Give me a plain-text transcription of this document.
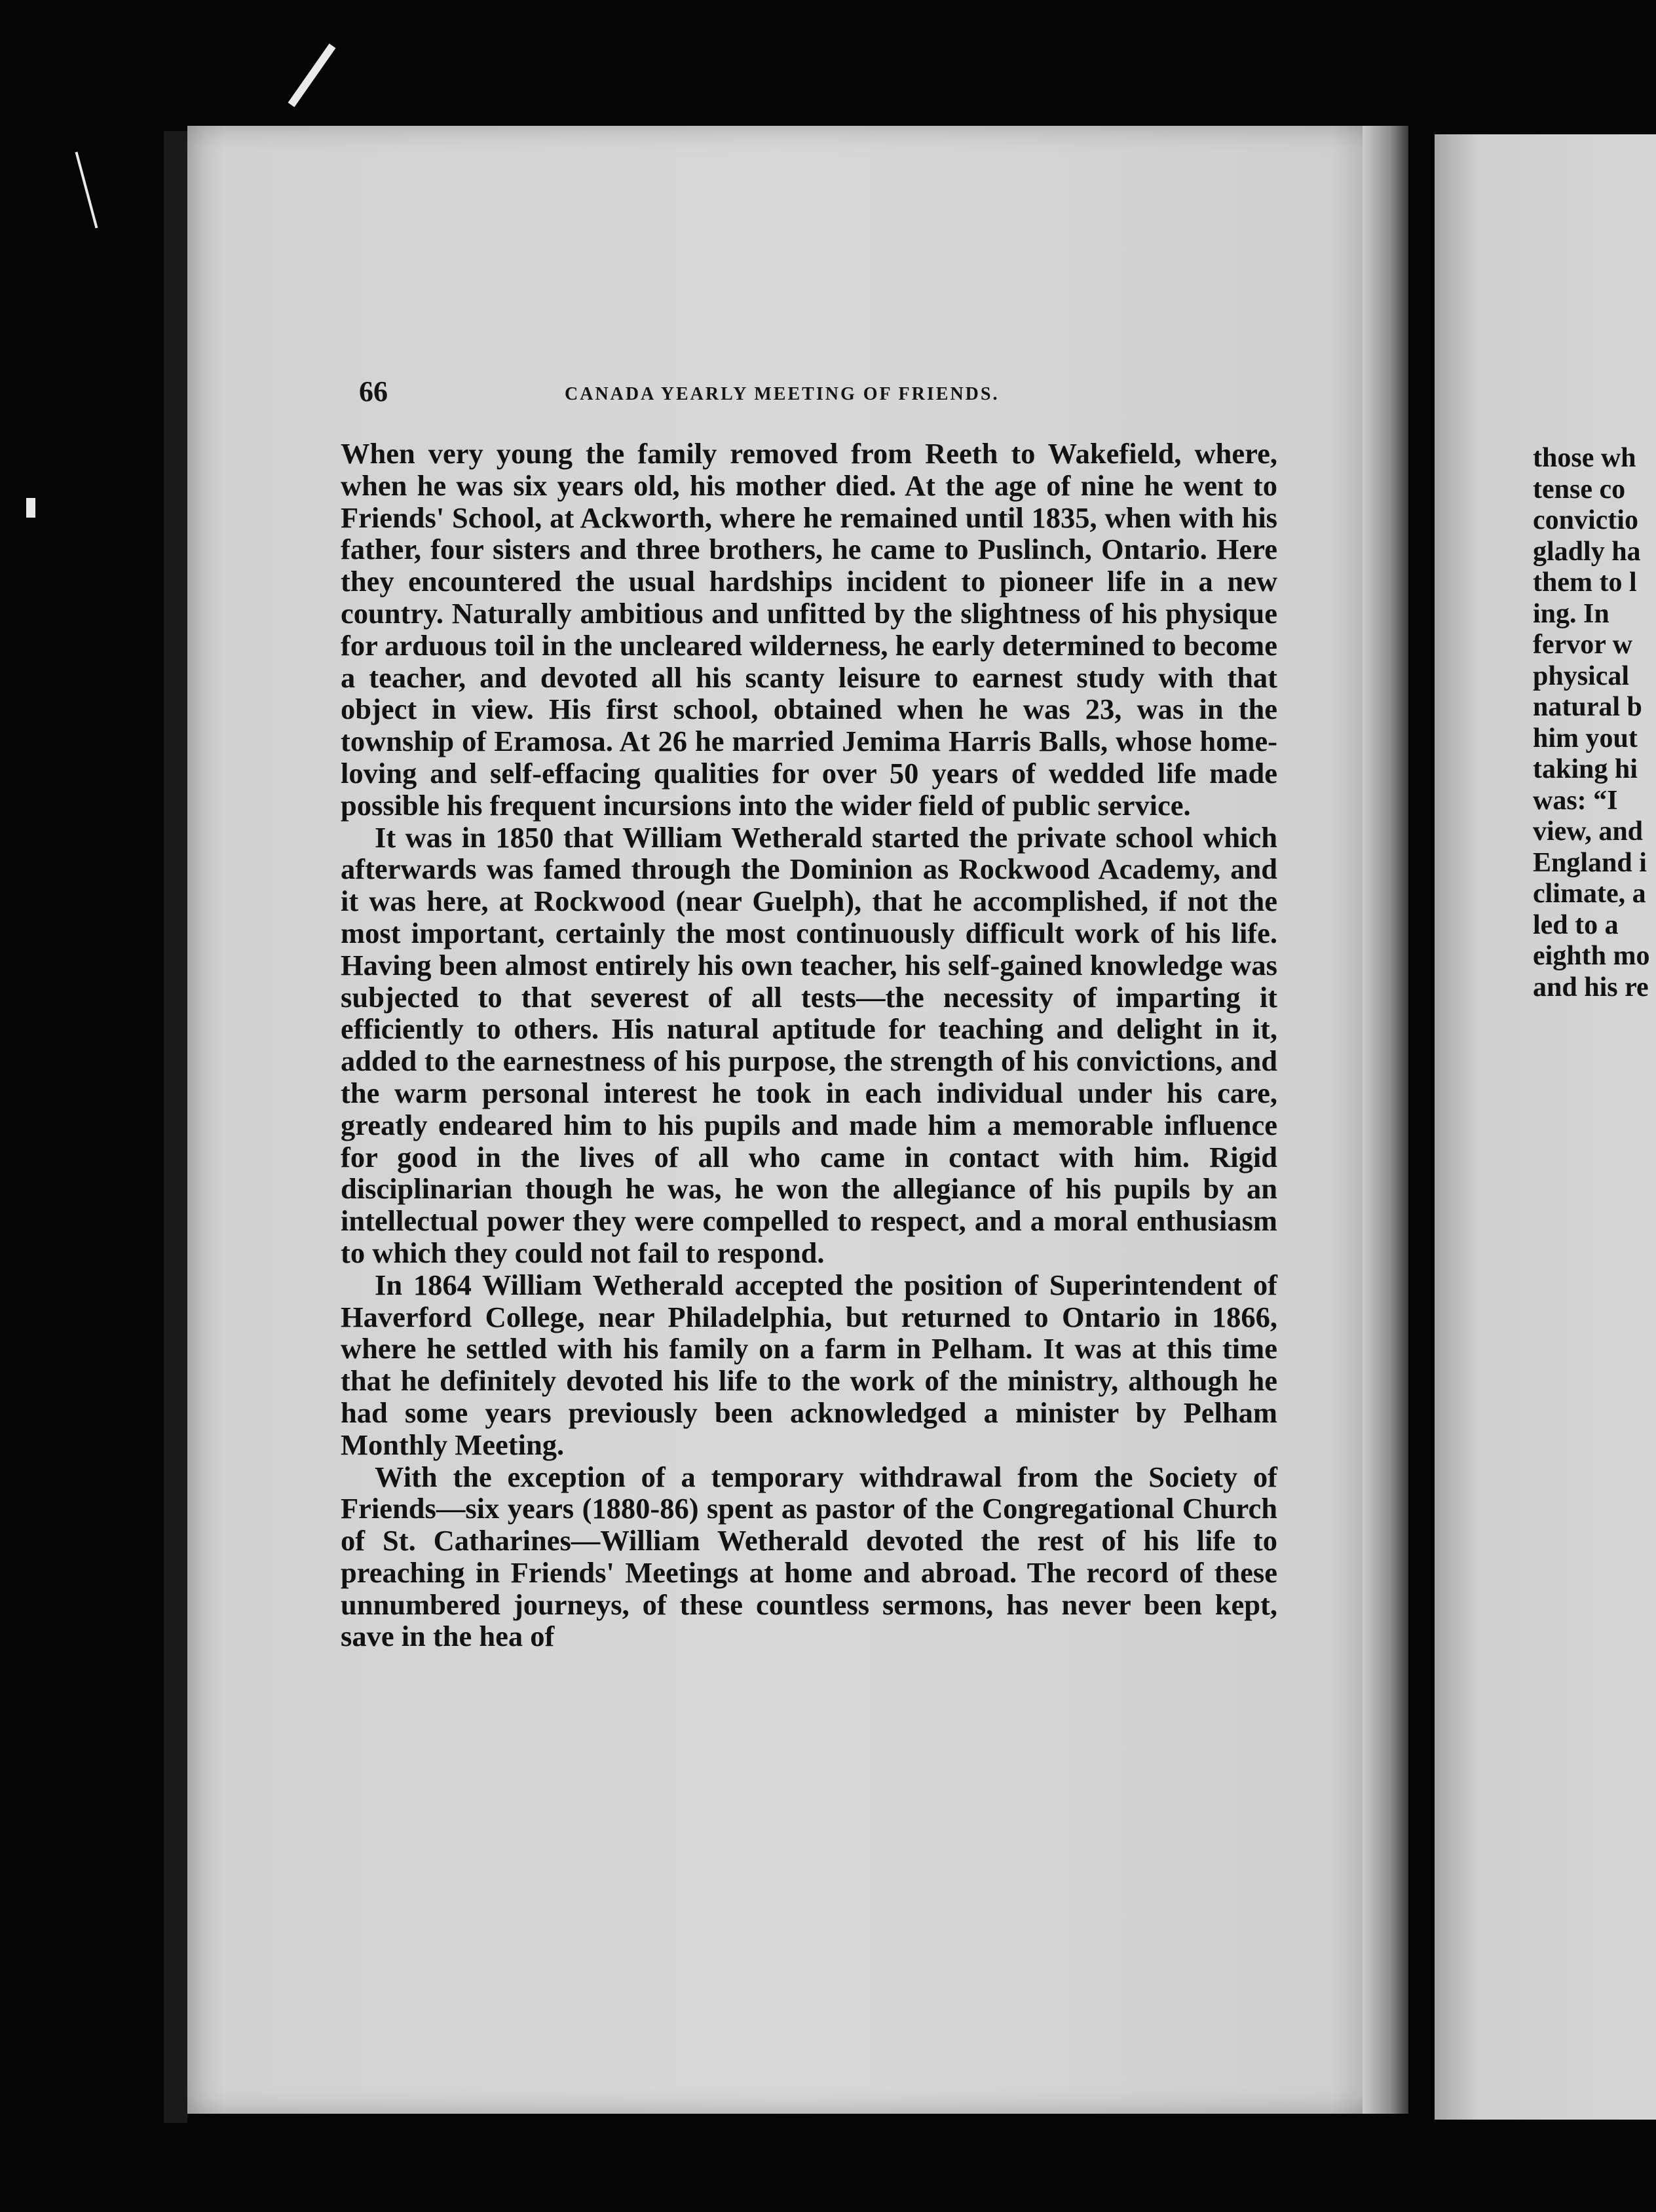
66	CANADA YEARLY MEETING OF FRIENDS.

When very young the family removed from Reeth to Wakefield, where, when he was six years old, his mother died. At the age of nine he went to Friends' School, at Ackworth, where he remained until 1835, when with his father, four sisters and three brothers, he came to Puslinch, Ontario. Here they encountered the usual hardships incident to pioneer life in a new country. Naturally ambitious and unfitted by the slightness of his physique for arduous toil in the uncleared wilderness, he early determined to become a teacher, and devoted all his scanty leisure to earnest study with that object in view. His first school, obtained when he was 23, was in the township of Eramosa. At 26 he married Jemima Harris Balls, whose home-loving and self-effacing qualities for over 50 years of wedded life made possible his frequent incursions into the wider field of public service.

It was in 1850 that William Wetherald started the private school which afterwards was famed through the Dominion as Rockwood Academy, and it was here, at Rockwood (near Guelph), that he accomplished, if not the most important, certainly the most continuously difficult work of his life. Having been almost entirely his own teacher, his self-gained knowledge was subjected to that severest of all tests—the necessity of imparting it efficiently to others. His natural aptitude for teaching and delight in it, added to the earnestness of his purpose, the strength of his convictions, and the warm personal interest he took in each individual under his care, greatly endeared him to his pupils and made him a memorable influence for good in the lives of all who came in contact with him. Rigid disciplinarian though he was, he won the allegiance of his pupils by an intellectual power they were compelled to respect, and a moral enthusiasm to which they could not fail to respond.

In 1864 William Wetherald accepted the position of Superintendent of Haverford College, near Philadelphia, but returned to Ontario in 1866, where he settled with his family on a farm in Pelham. It was at this time that he definitely devoted his life to the work of the ministry, although he had some years previously been acknowledged a minister by Pelham Monthly Meeting.

With the exception of a temporary withdrawal from the Society of Friends—six years (1880-86) spent as pastor of the Congregational Church of St. Catharines—William Wetherald devoted the rest of his life to preaching in Friends' Meetings at home and abroad. The record of these unnumbered journeys, of these countless sermons, has never been kept, save in the hea of

those wh
tense co
convictio
gladly ha
them to l
ing. In
fervor w
physical
natural b
him yout
taking hi
was: “I
view, and
England i
climate, a
led to a
eighth mo
and his re
